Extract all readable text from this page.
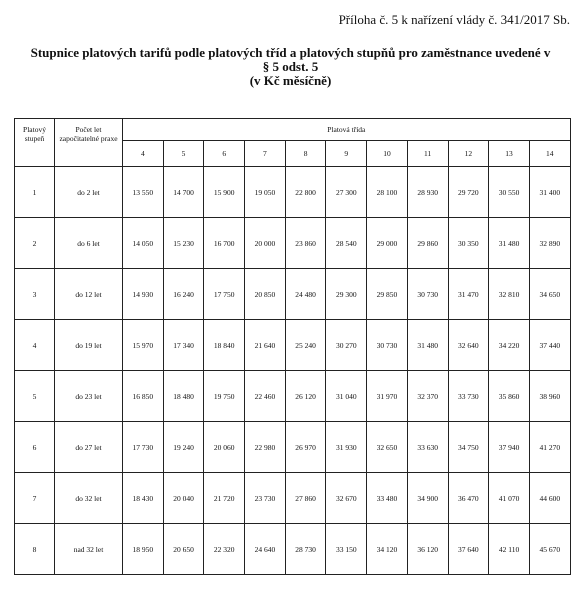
Příloha č. 5 k nařízení vlády č. 341/2017 Sb.
Stupnice platových tarifů podle platových tříd a platových stupňů pro zaměstnance uvedené v
§ 5 odst. 5
(v Kč měsíčně)
Platový stupeň	Počet let započitatelné praxe	Platová třída										
		4	5	6	7	8	9	10	11	12	13	14
1	do 2 let	13 550	14 700	15 900	19 050	22 800	27 300	28 100	28 930	29 720	30 550	31 400
2	do 6 let	14 050	15 230	16 700	20 000	23 860	28 540	29 000	29 860	30 350	31 480	32 890
3	do 12 let	14 930	16 240	17 750	20 850	24 480	29 300	29 850	30 730	31 470	32 810	34 650
4	do 19 let	15 970	17 340	18 840	21 640	25 240	30 270	30 730	31 480	32 640	34 220	37 440
5	do 23 let	16 850	18 480	19 750	22 460	26 120	31 040	31 970	32 370	33 730	35 860	38 960
6	do 27 let	17 730	19 240	20 060	22 980	26 970	31 930	32 650	33 630	34 750	37 940	41 270
7	do 32 let	18 430	20 040	21 720	23 730	27 860	32 670	33 480	34 900	36 470	41 070	44 600
8	nad 32 let	18 950	20 650	22 320	24 640	28 730	33 150	34 120	36 120	37 640	42 110	45 670
